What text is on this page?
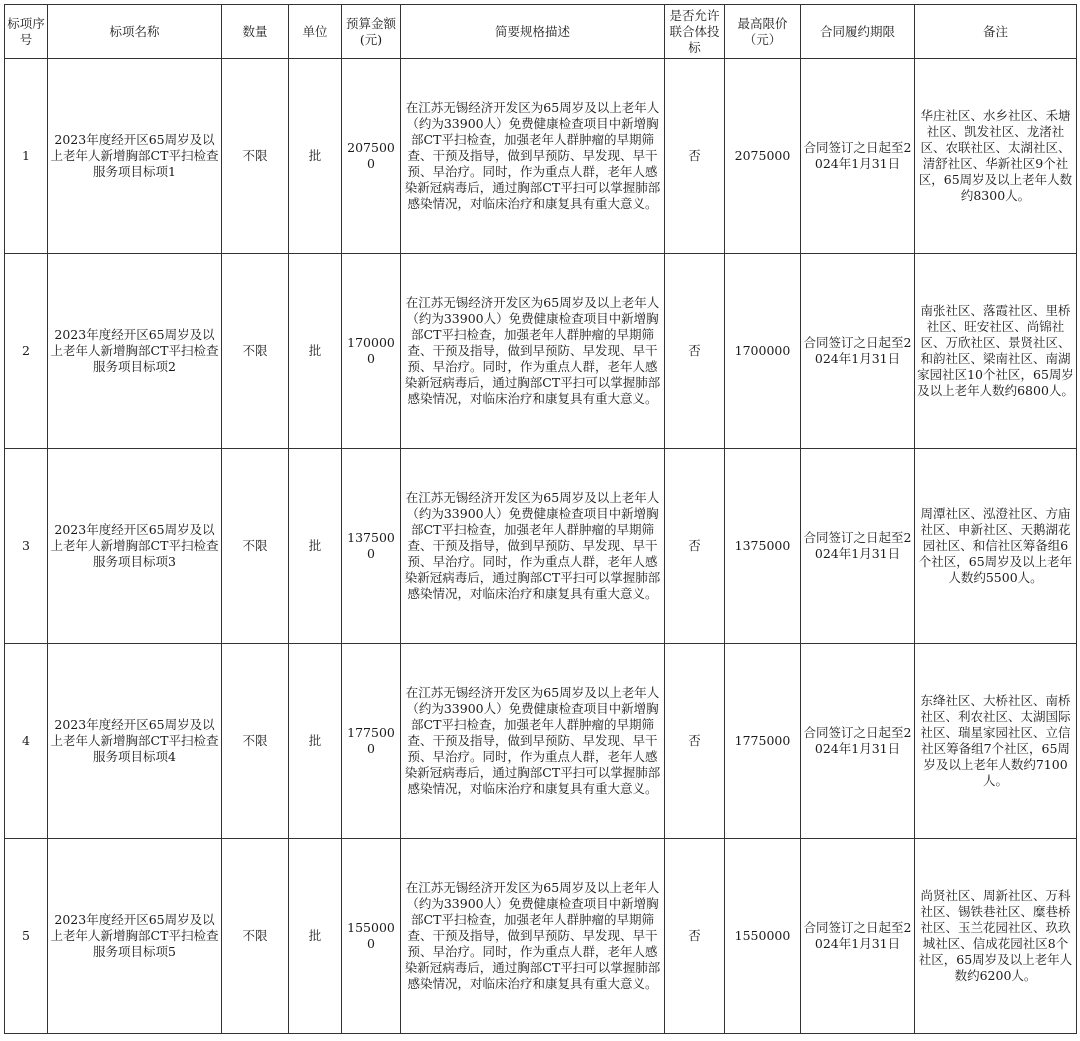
标项序号	标项名称	数量	单位	预算金额(元)	简要规格描述	是否允许联合体投标	最高限价（元）	合同履约期限	备注
1	2023年度经开区65周岁及以上老年人新增胸部CT平扫检查服务项目标项1	不限	批	2075000	在江苏无锡经济开发区为65周岁及以上老年人（约为33900人）免费健康检查项目中新增胸部CT平扫检查，加强老年人群肿瘤的早期筛查、干预及指导，做到早预防、早发现、早干预、早治疗。同时，作为重点人群，老年人感染新冠病毒后，通过胸部CT平扫可以掌握肺部感染情况，对临床治疗和康复具有重大意义。	否	2075000	合同签订之日起至2024年1月31日	华庄社区、水乡社区、禾塘社区、凯发社区、龙渚社区、农联社区、太湖社区、清舒社区、华新社区9个社区，65周岁及以上老年人数约8300人。
2	2023年度经开区65周岁及以上老年人新增胸部CT平扫检查服务项目标项2	不限	批	1700000	在江苏无锡经济开发区为65周岁及以上老年人（约为33900人）免费健康检查项目中新增胸部CT平扫检查，加强老年人群肿瘤的早期筛查、干预及指导，做到早预防、早发现、早干预、早治疗。同时，作为重点人群，老年人感染新冠病毒后，通过胸部CT平扫可以掌握肺部感染情况，对临床治疗和康复具有重大意义。	否	1700000	合同签订之日起至2024年1月31日	南张社区、落霞社区、里桥社区、旺安社区、尚锦社区、万欣社区、景贤社区、和韵社区、梁南社区、南湖家园社区10个社区，65周岁及以上老年人数约6800人。
3	2023年度经开区65周岁及以上老年人新增胸部CT平扫检查服务项目标项3	不限	批	1375000	在江苏无锡经济开发区为65周岁及以上老年人（约为33900人）免费健康检查项目中新增胸部CT平扫检查，加强老年人群肿瘤的早期筛查、干预及指导，做到早预防、早发现、早干预、早治疗。同时，作为重点人群，老年人感染新冠病毒后，通过胸部CT平扫可以掌握肺部感染情况，对临床治疗和康复具有重大意义。	否	1375000	合同签订之日起至2024年1月31日	周潭社区、泓澄社区、方庙社区、申新社区、天鹅湖花园社区、和信社区筹备组6个社区，65周岁及以上老年人数约5500人。
4	2023年度经开区65周岁及以上老年人新增胸部CT平扫检查服务项目标项4	不限	批	1775000	在江苏无锡经济开发区为65周岁及以上老年人（约为33900人）免费健康检查项目中新增胸部CT平扫检查，加强老年人群肿瘤的早期筛查、干预及指导，做到早预防、早发现、早干预、早治疗。同时，作为重点人群，老年人感染新冠病毒后，通过胸部CT平扫可以掌握肺部感染情况，对临床治疗和康复具有重大意义。	否	1775000	合同签订之日起至2024年1月31日	东绛社区、大桥社区、南桥社区、利农社区、太湖国际社区、瑞星家园社区、立信社区筹备组7个社区，65周岁及以上老年人数约7100人。
5	2023年度经开区65周岁及以上老年人新增胸部CT平扫检查服务项目标项5	不限	批	1550000	在江苏无锡经济开发区为65周岁及以上老年人（约为33900人）免费健康检查项目中新增胸部CT平扫检查，加强老年人群肿瘤的早期筛查、干预及指导，做到早预防、早发现、早干预、早治疗。同时，作为重点人群，老年人感染新冠病毒后，通过胸部CT平扫可以掌握肺部感染情况，对临床治疗和康复具有重大意义。	否	1550000	合同签订之日起至2024年1月31日	尚贤社区、周新社区、万科社区、锡铁巷社区、糜巷桥社区、玉兰花园社区、玖玖城社区、信成花园社区8个社区，65周岁及以上老年人数约6200人。
